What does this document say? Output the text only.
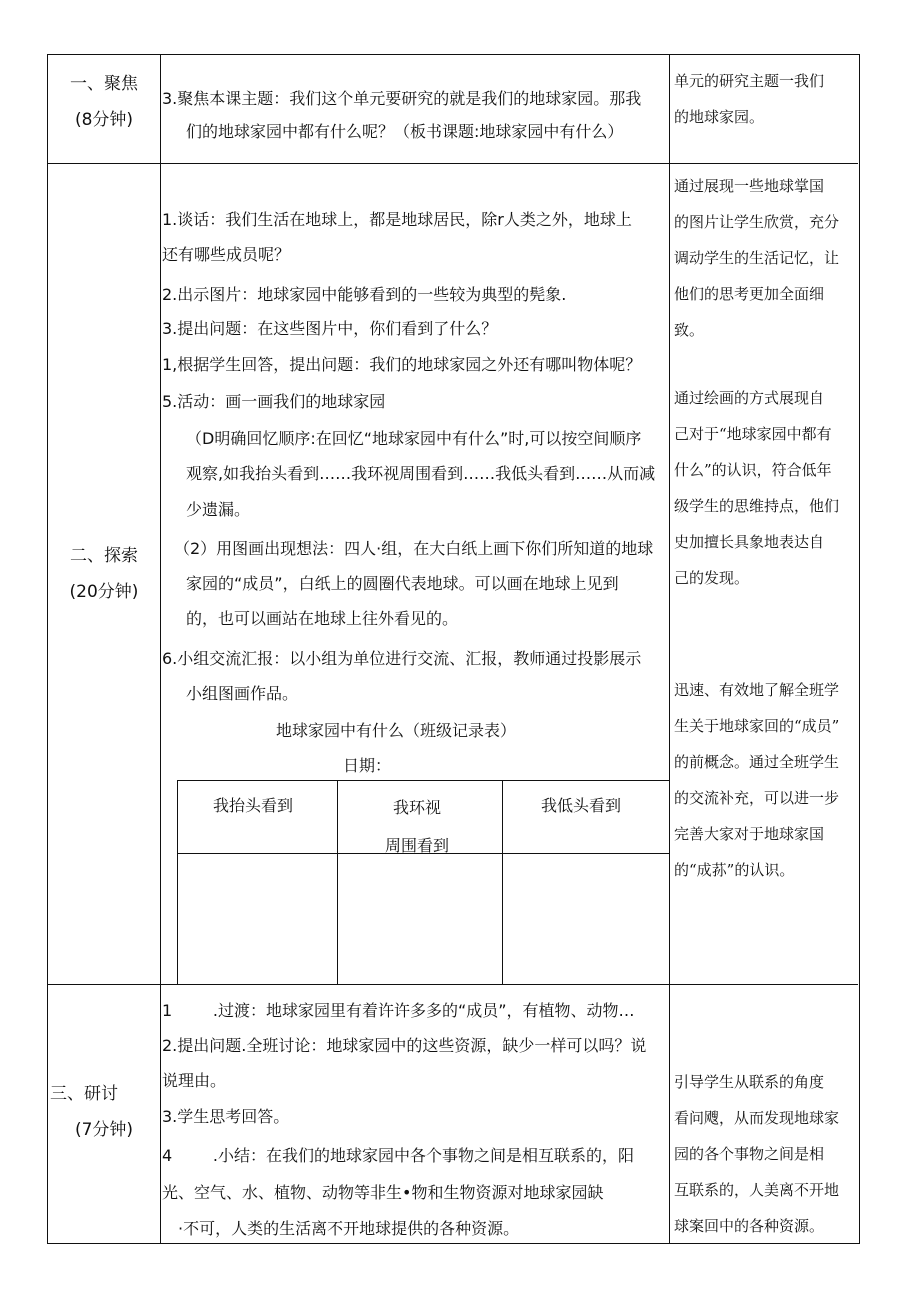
一、聚焦
(8分钟)
3.聚焦本课主题：我们这个单元要研究的就是我们的地球家园。那我
们的地球家园中都有什么呢？（板书课题:地球家园中有什么）
单元的研究主题一我们
的地球家园。
二、探索
(20分钟)
1.谈话：我们生活在地球上，都是地球居民，除r人类之外，地球上
还有哪些成员呢？
2.出示图片：地球家园中能够看到的一些较为典型的髡象.
3.提出问题：在这些图片中，你们看到了什么？
1,根据学生回答，提出问题：我们的地球家园之外还有哪叫物体呢？
5.活动：画一画我们的地球家园
（D明确回忆顺序:在回忆“地球家园中有什么”时,可以按空间顺序
观察,如我抬头看到……我环视周围看到……我低头看到……从而减
少遗漏。
（2）用图画出现想法：四人·组，在大白纸上画下你们所知道的地球
家园的“成员”，白纸上的圆圈代表地球。可以画在地球上见到
的，也可以画站在地球上往外看见的。
6.小组交流汇报：以小组为单位进行交流、汇报，教师通过投影展示
小组图画作品。
地球家园中有什么（班级记录表）
日期：
我抬头看到	我环视
周围看到
我低头看到
通过展现一些地球掌国
的图片让学生欣赏，充分
调动学生的生活记忆，让
他们的思考更加全面细
致。
通过绘画的方式展现自
己对于“地球家园中都有
什么”的认识，符合低年
级学生的思维持点，他们
史加擅长具象地表达自
己的发现。
迅速、有效地了解全班学
生关于地球家回的“成员”
的前概念。通过全班学生
的交流补充，可以进一步
完善大家对于地球家国
的“成荪”的认识。
三、研讨
(7分钟)
1        .过渡：地球家园里有着许许多多的“成员”，有植物、动物…
2.提出问题.全班讨论：地球家园中的这些资源，缺少一样可以吗？说
说理由。
3.学生思考回答。
4        .小结：在我们的地球家园中各个事物之间是相互联系的，阳
光、空气、水、植物、动物等非生•物和生物资源对地球家园缺
·不可，人类的生活离不开地球提供的各种资源。
引导学生从联系的角度
看问飕，从而发现地球家
园的各个事物之间是相
互联系的，人美离不开地
球案回中的各种资源。
